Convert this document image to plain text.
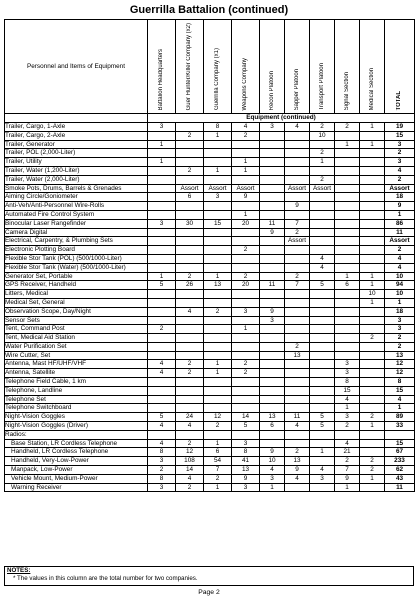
Guerrilla Battalion (continued)
Personnel and Items of Equipment	Battalion Headquarters	Guer Hunter/Killer Company (x2)	Guerrilla Company (x1)	Weapons Company	Recon Platoon	Sapper Platoon	Transport Platoon	Signal Section	Medical Section	TOTAL
	Equipment (continued)									
Trailer, Cargo, 1-Axle	3		8	4	3	4	2	2	1	19
Trailer, Cargo, 2-Axle		2	1	2			10			15
Trailer, Generator	1							1	1	3
Trailer, POL (2,000-Liter)							2			2
Trailer, Utility	1			1			1			3
Trailer, Water (1,200-Liter)		2	1	1						4
Trailer, Water (2,000-Liter)							2			2
Smoke Pots, Drums, Barrels & Grenades		Assort	Assort	Assort		Assort	Assort			Assort
Aiming Circle/Goniometer		6	3	9						18
Anti-Veh/Anti-Personnel Wire-Rolls						9				9
Automated Fire Control System				1						1
Binocular Laser Rangefinder	3	30	15	20	11	7				86
Camera Digital					9	2				11
Electrical, Carpentry, & Plumbing Sets						Assort				Assort
Electronic Plotting Board				2						2
Flexible Stor Tank (POL) (500/1000-Liter)							4			4
Flexible Stor Tank (Water) (500/1000-Liter)							4			4
Generator Set, Portable	1	2	1	2		2		1	1	10
GPS Receiver, Handheld	5	26	13	20	11	7	5	6	1	94
Litters, Medical									10	10
Medical Set, General									1	1
Observation Scope, Day/Night		4	2	3	9					18
Sensor Sets					3					3
Tent, Command Post	2			1						3
Tent, Medical Aid Station									2	2
Water Purification Set						2				2
Wire Cutter, Set						13				13
Antenna, Mast HF/UHF/VHF	4	2	1	2				3		12
Antenna, Satellite	4	2	1	2				3		12
Telephone Field Cable, 1 km								8		8
Telephone, Landline								15		15
Telephone Set								4		4
Telephone Switchboard								1		1
Night-Vision Goggles	5	24	12	14	13	11	5	3	2	89
Night-Vision Goggles (Driver)	4	4	2	5	6	4	5	2	1	33
Radios:										
Base Station, LR Cordless Telephone	4	2	1	3				4		15
Handheld, LR Cordless Telephone	8	12	6	8	9	2	1	21		67
Handheld, Very-Low-Power	3	108	54	41	10	13		2	2	233
Manpack, Low-Power	2	14	7	13	4	9	4	7	2	62
Vehicle Mount, Medium-Power	8	4	2	9	3	4	3	9	1	43
Warning Receiver	3	2	1	3	1			1		11
NOTES:
* The values in this column are the total number for two companies.
Page 2
